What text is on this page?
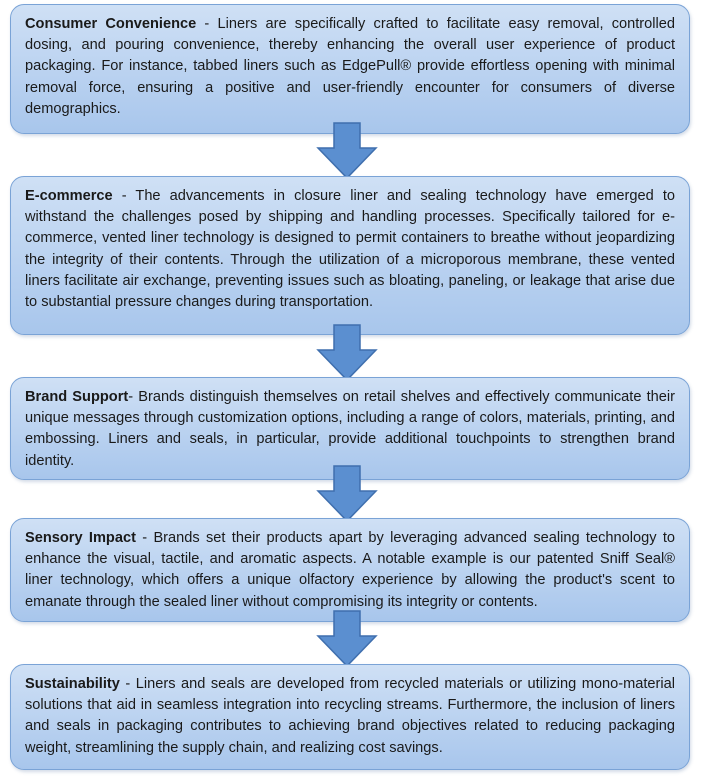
Consumer Convenience - Liners are specifically crafted to facilitate easy removal, controlled dosing, and pouring convenience, thereby enhancing the overall user experience of product packaging. For instance, tabbed liners such as EdgePull® provide effortless opening with minimal removal force, ensuring a positive and user-friendly encounter for consumers of diverse demographics.
E-commerce - The advancements in closure liner and sealing technology have emerged to withstand the challenges posed by shipping and handling processes. Specifically tailored for e-commerce, vented liner technology is designed to permit containers to breathe without jeopardizing the integrity of their contents. Through the utilization of a microporous membrane, these vented liners facilitate air exchange, preventing issues such as bloating, paneling, or leakage that arise due to substantial pressure changes during transportation.
Brand Support- Brands distinguish themselves on retail shelves and effectively communicate their unique messages through customization options, including a range of colors, materials, printing, and embossing. Liners and seals, in particular, provide additional touchpoints to strengthen brand identity.
Sensory Impact - Brands set their products apart by leveraging advanced sealing technology to enhance the visual, tactile, and aromatic aspects. A notable example is our patented Sniff Seal® liner technology, which offers a unique olfactory experience by allowing the product's scent to emanate through the sealed liner without compromising its integrity or contents.
Sustainability - Liners and seals are developed from recycled materials or utilizing mono-material solutions that aid in seamless integration into recycling streams. Furthermore, the inclusion of liners and seals in packaging contributes to achieving brand objectives related to reducing packaging weight, streamlining the supply chain, and realizing cost savings.
